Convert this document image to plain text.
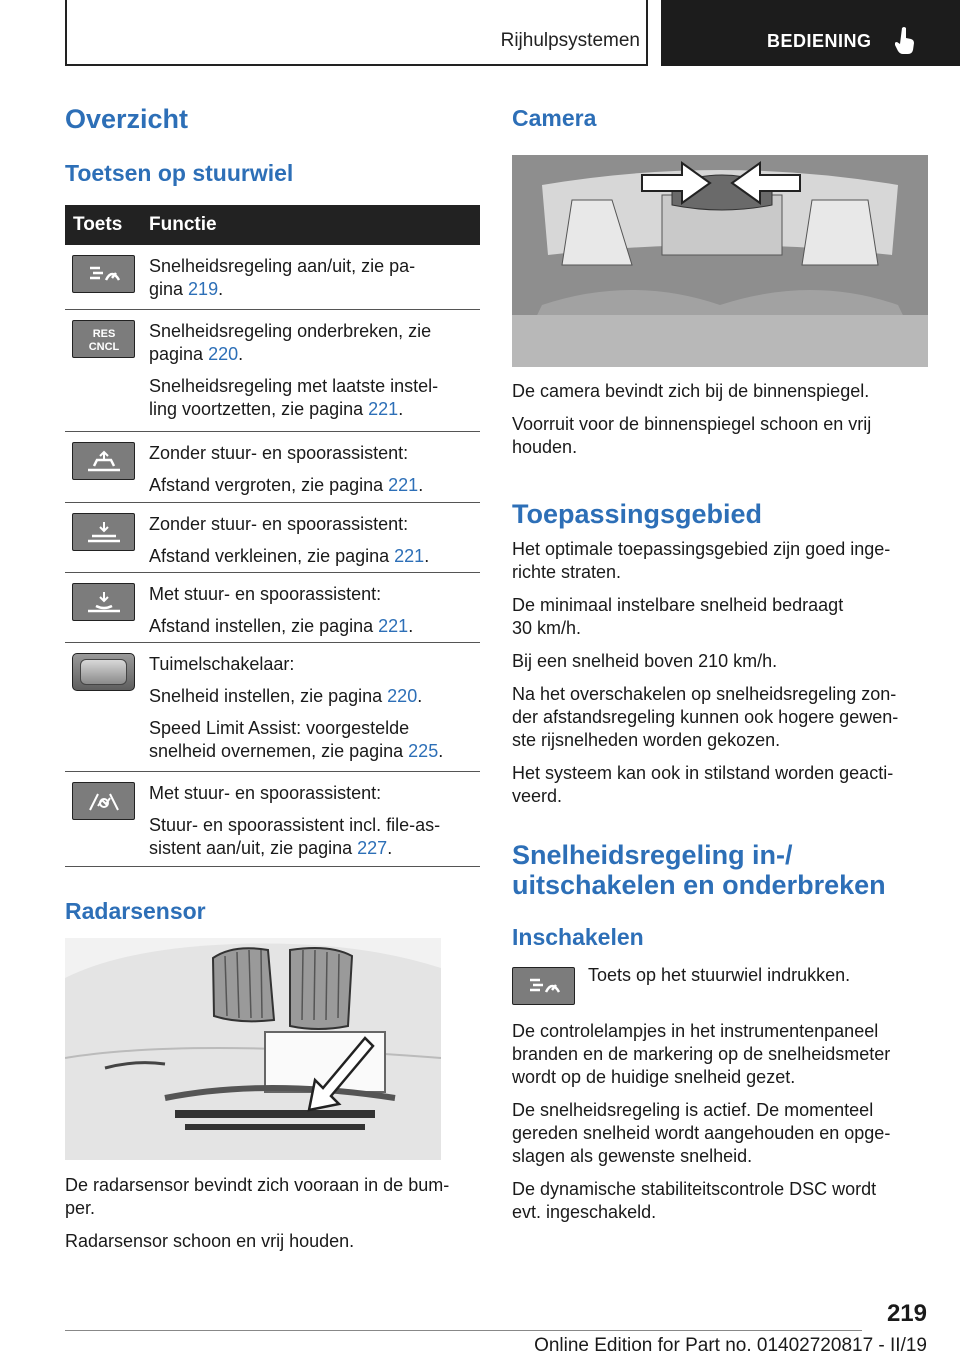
Rijhulpsystemen	BEDIENING
Overzicht
Toetsen op stuurwiel
Toets Functie

Snelheidsregeling aan/uit, zie pa-
gina 219.

RES
CNCL

Snelheidsregeling onderbreken, zie
pagina 220.

Snelheidsregeling met laatste instel-
ling voortzetten, zie pagina 221.

Zonder stuur- en spoorassistent:

Afstand vergroten, zie pagina 221.

Zonder stuur- en spoorassistent:

Afstand verkleinen, zie pagina 221.

Met stuur- en spoorassistent:

Afstand instellen, zie pagina 221.

Tuimelschakelaar:

Snelheid instellen, zie pagina 220.

Speed Limit Assist: voorgestelde
snelheid overnemen, zie pagina 225.

Met stuur- en spoorassistent:

Stuur- en spoorassistent incl. file-as-
sistent aan/uit, zie pagina 227.

Radarsensor

De radarsensor bevindt zich vooraan in de bum-
per.

Radarsensor schoon en vrij houden.

Camera

De camera bevindt zich bij de binnenspiegel.

Voorruit voor de binnenspiegel schoon en vrij
houden.

Toepassingsgebied

Het optimale toepassingsgebied zijn goed inge-
richte straten.

De minimaal instelbare snelheid bedraagt
30 km/h.

Bij een snelheid boven 210 km/h.

Na het overschakelen op snelheidsregeling zon-
der afstandsregeling kunnen ook hogere gewen-
ste rijsnelheden worden gekozen.

Het systeem kan ook in stilstand worden geacti-
veerd.

Snelheidsregeling in-/
uitschakelen en onderbreken
Inschakelen
Toets op het stuurwiel indrukken.

De controlelampjes in het instrumentenpaneel
branden en de markering op de snelheidsmeter
wordt op de huidige snelheid gezet.

De snelheidsregeling is actief. De momenteel
gereden snelheid wordt aangehouden en opge-
slagen als gewenste snelheid.

De dynamische stabiliteitscontrole DSC wordt
evt. ingeschakeld.

219
Online Edition for Part no. 01402720817 - II/19
